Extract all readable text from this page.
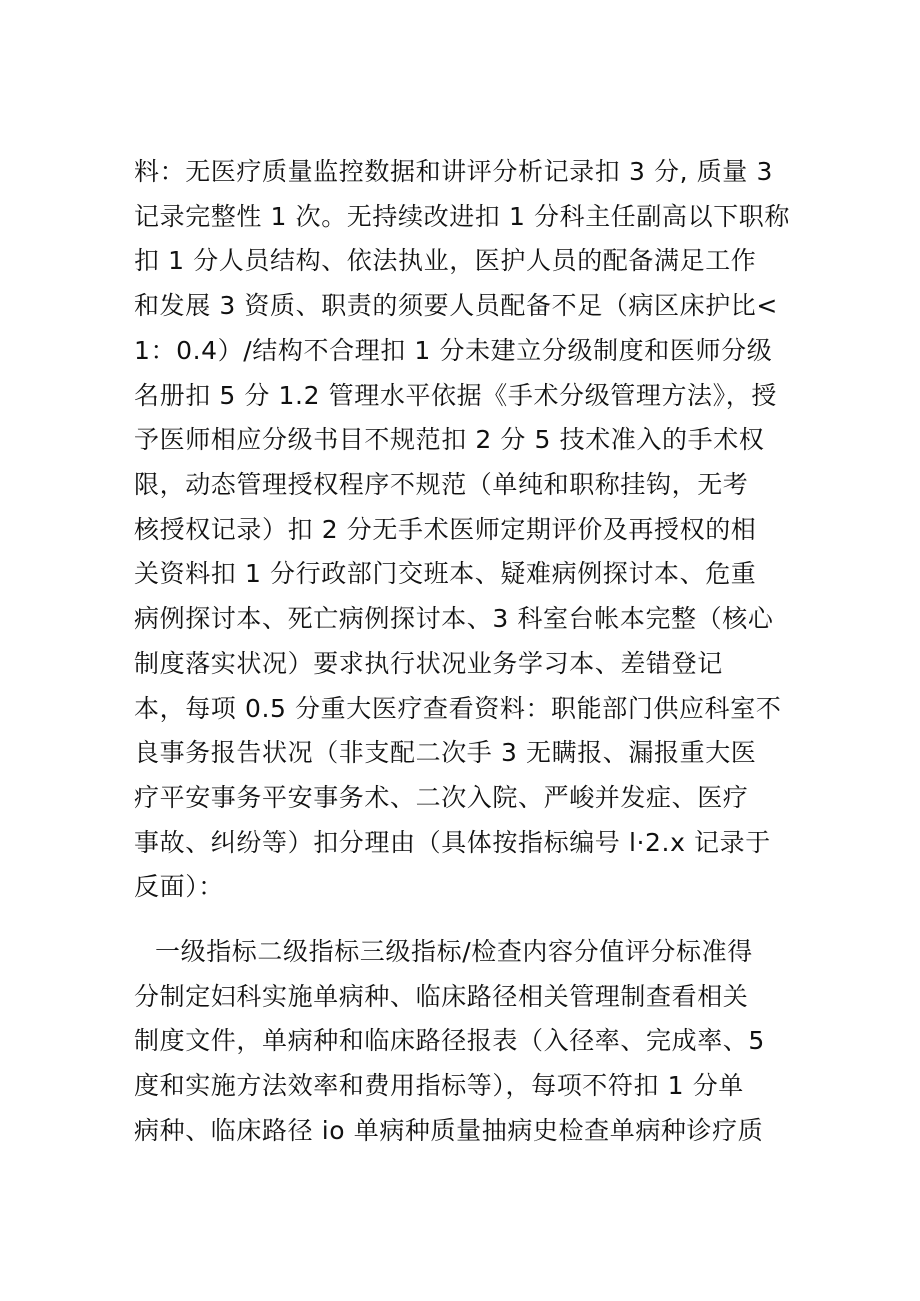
料：无医疗质量监控数据和讲评分析记录扣 3 分, 质量 3
记录完整性 1 次。无持续改进扣 1 分科主任副高以下职称
扣 1 分人员结构、依法执业，医护人员的配备满足工作
和发展 3 资质、职责的须要人员配备不足（病区床护比<
1：0.4）/结构不合理扣 1 分未建立分级制度和医师分级
名册扣 5 分 1.2 管理水平依据《手术分级管理方法》，授
予医师相应分级书目不规范扣 2 分 5 技术准入的手术权
限，动态管理授权程序不规范（单纯和职称挂钩，无考
核授权记录）扣 2 分无手术医师定期评价及再授权的相
关资料扣 1 分行政部门交班本、疑难病例探讨本、危重
病例探讨本、死亡病例探讨本、3 科室台帐本完整（核心
制度落实状况）要求执行状况业务学习本、差错登记
本，每项 0.5 分重大医疗查看资料：职能部门供应科室不
良事务报告状况（非支配二次手 3 无瞒报、漏报重大医
疗平安事务平安事务术、二次入院、严峻并发症、医疗
事故、纠纷等）扣分理由（具体按指标编号 l·2.x 记录于
反面）：
一级指标二级指标三级指标/检查内容分值评分标准得
分制定妇科实施单病种、临床路径相关管理制查看相关
制度文件，单病种和临床路径报表（入径率、完成率、5
度和实施方法效率和费用指标等），每项不符扣 1 分单
病种、临床路径 io 单病种质量抽病史检查单病种诊疗质
